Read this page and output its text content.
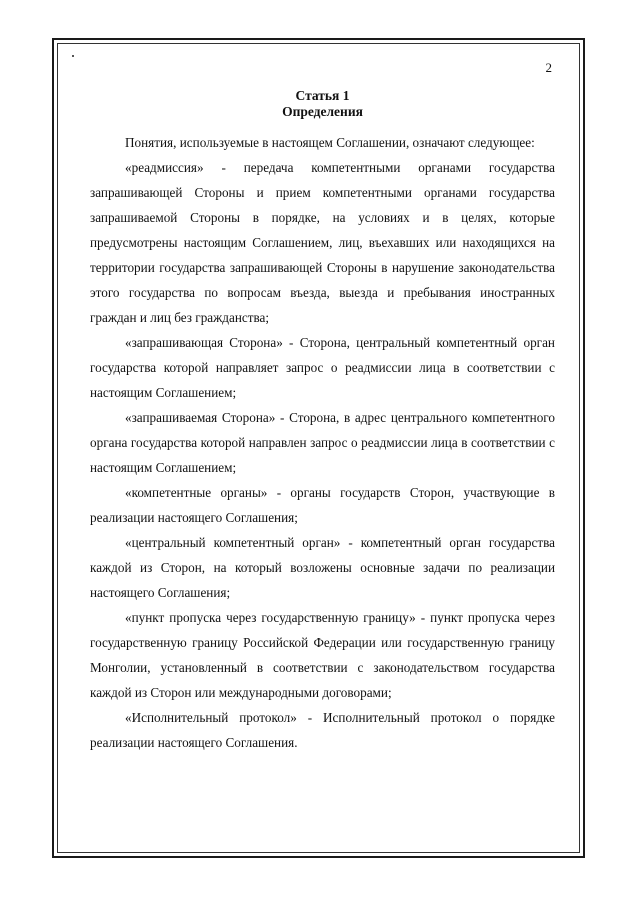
2
Статья 1
Определения

Понятия, используемые в настоящем Соглашении, означают следующее:

«реадмиссия» - передача компетентными органами государства запрашивающей Стороны и прием компетентными органами государства запрашиваемой Стороны в порядке, на условиях и в целях, которые предусмотрены настоящим Соглашением, лиц, въехавших или находящихся на территории государства запрашивающей Стороны в нарушение законодательства этого государства по вопросам въезда, выезда и пребывания иностранных граждан и лиц без гражданства;

«запрашивающая Сторона» - Сторона, центральный компетентный орган государства которой направляет запрос о реадмиссии лица в соответствии с настоящим Соглашением;

«запрашиваемая Сторона» - Сторона, в адрес центрального компетентного органа государства которой направлен запрос о реадмиссии лица в соответствии с настоящим Соглашением;

«компетентные органы» - органы государств Сторон, участвующие в реализации настоящего Соглашения;

«центральный компетентный орган» - компетентный орган государства каждой из Сторон, на который возложены основные задачи по реализации настоящего Соглашения;

«пункт пропуска через государственную границу» - пункт пропуска через государственную границу Российской Федерации или государственную границу Монголии, установленный в соответствии с законодательством государства каждой из Сторон или международными договорами;

«Исполнительный протокол» - Исполнительный протокол о порядке реализации настоящего Соглашения.
